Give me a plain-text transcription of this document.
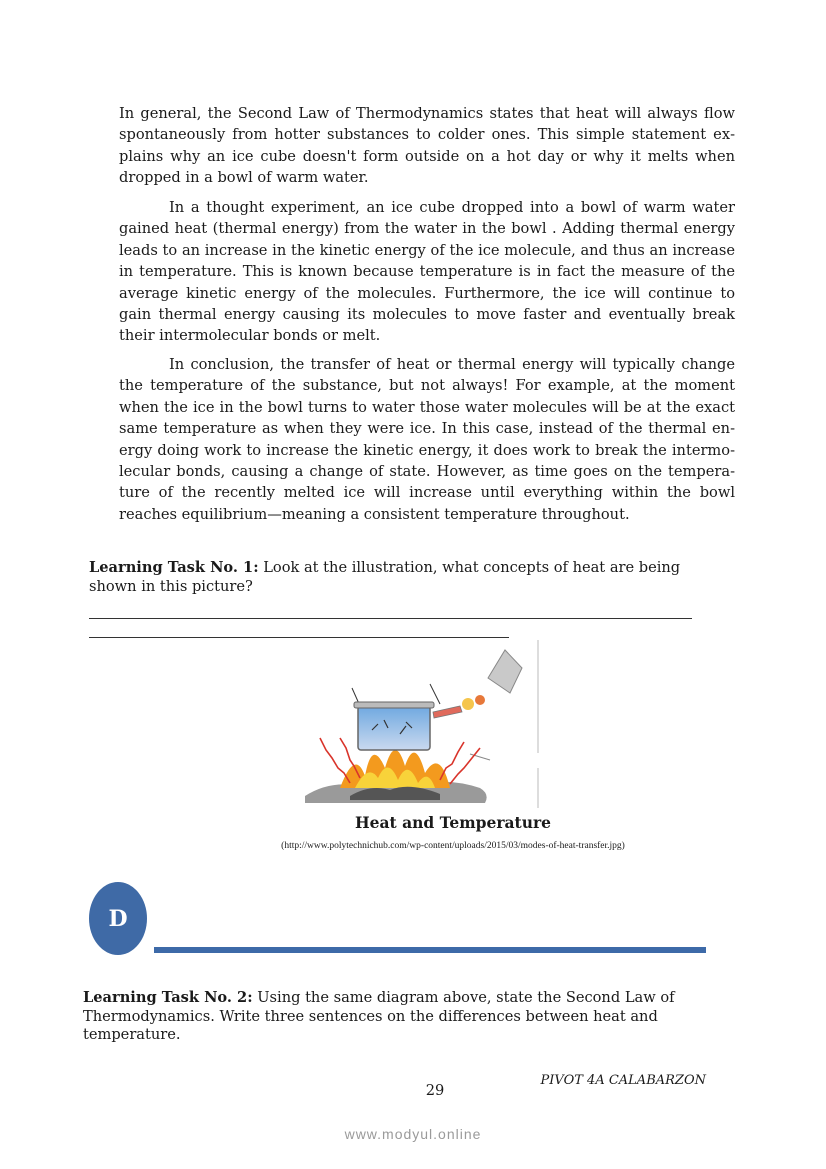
In general, the Second Law of Thermodynamics states that heat will always flow spontaneously from hotter substances to colder ones. This simple statement explains why an ice cube doesn't form outside on a hot day or why it melts when dropped in a bowl of warm water.

In a thought experiment, an ice cube dropped into a bowl of warm water gained heat (thermal energy) from the water in the bowl . Adding thermal energy leads to an increase in the kinetic energy of the ice molecule, and thus an increase in temperature. This is known because temperature is in fact the measure of the average kinetic energy of the molecules. Furthermore, the ice will continue to gain thermal energy causing its molecules to move faster and eventually break their intermolecular bonds or melt.

In conclusion, the transfer of heat or thermal energy will typically change the temperature of the substance, but not always! For example, at the moment when the ice in the bowl turns to water those water molecules will be at the exact same temperature as when they were ice. In this case, instead of the thermal energy doing work to increase the kinetic energy, it does work to break the intermolecular bonds, causing a change of state. However, as time goes on the temperature of the recently melted ice will increase until everything within the bowl reaches equilibrium—meaning a consistent temperature throughout.

Learning Task No. 1: Look at the illustration, what concepts of heat are being shown in this picture?

Heat and Temperature
(http://www.polytechnichub.com/wp-content/uploads/2015/03/modes-of-heat-transfer.jpg)
D

Learning Task No. 2: Using the same diagram above, state the Second Law of Thermodynamics. Write three sentences on the differences between heat and temperature.

PIVOT 4A CALABARZON
29
www.modyul.online
